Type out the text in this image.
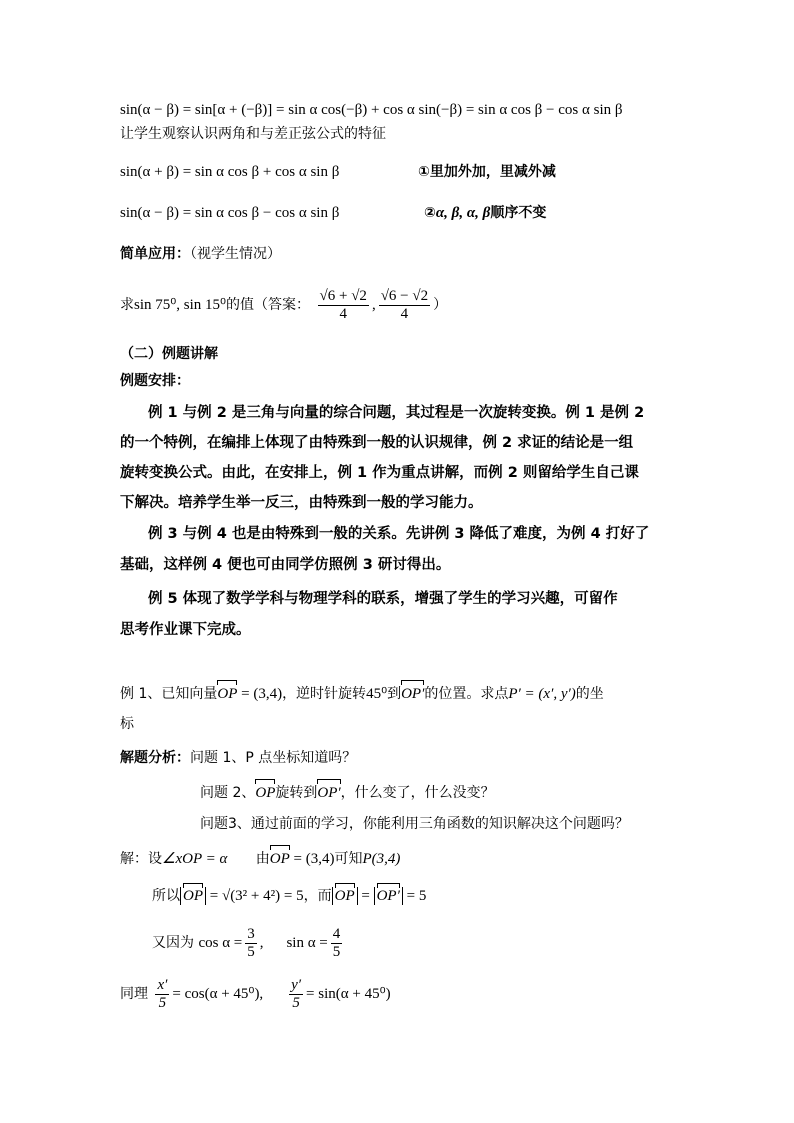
sin(α − β) = sin[α + (−β)] = sin α cos(−β) + cos α sin(−β) = sin α cos β − cos α sin β
让学生观察认识两角和与差正弦公式的特征
sin(α + β) = sin α cos β + cos α sin β	①里加外加，里减外减
sin(α − β) = sin α cos β − cos α sin β	②α, β, α, β顺序不变
简单应用：（视学生情况）
求sin 75⁰, sin 15⁰的值（答案： $\frac{√6 + √2}{4}$ , $\frac{√6 - √2}{4}$ ）
（二）例题讲解
例题安排：
例 1 与例 2 是三角与向量的综合问题，其过程是一次旋转变换。例 1 是例 2
的一个特例，在编排上体现了由特殊到一般的认识规律，例 2 求证的结论是一组
旋转变换公式。由此，在安排上，例 1 作为重点讲解，而例 2 则留给学生自己课
下解决。培养学生举一反三，由特殊到一般的学习能力。
例 3 与例 4 也是由特殊到一般的关系。先讲例 3 降低了难度，为例 4 打好了
基础，这样例 4 便也可由同学仿照例 3 研讨得出。
例 5 体现了数学学科与物理学科的联系，增强了学生的学习兴趣，可留作
思考作业课下完成。
例 1、已知向量OP = (3,4)，逆时针旋转45⁰到OP′的位置。求点P′ = (x′, y′)的坐
标
解题分析：问题 1、P 点坐标知道吗？
问题 2、OP旋转到OP′，什么变了，什么没变？
问题3、通过前面的学习，你能利用三角函数的知识解决这个问题吗？
解：设∠xOP = α 由OP = (3,4)可知P(3,4)
所以 OP = √(3² + 4²) = 5，而 OP = OP′ = 5
又因为 $\cos \alpha = \frac{3}{5}$ , $\sin \alpha = \frac{4}{5}$
同理 $\frac{x'}{5} = \cos(\alpha + 45^0)$, $\frac{y'}{5} = \sin(\alpha + 45^0)$
